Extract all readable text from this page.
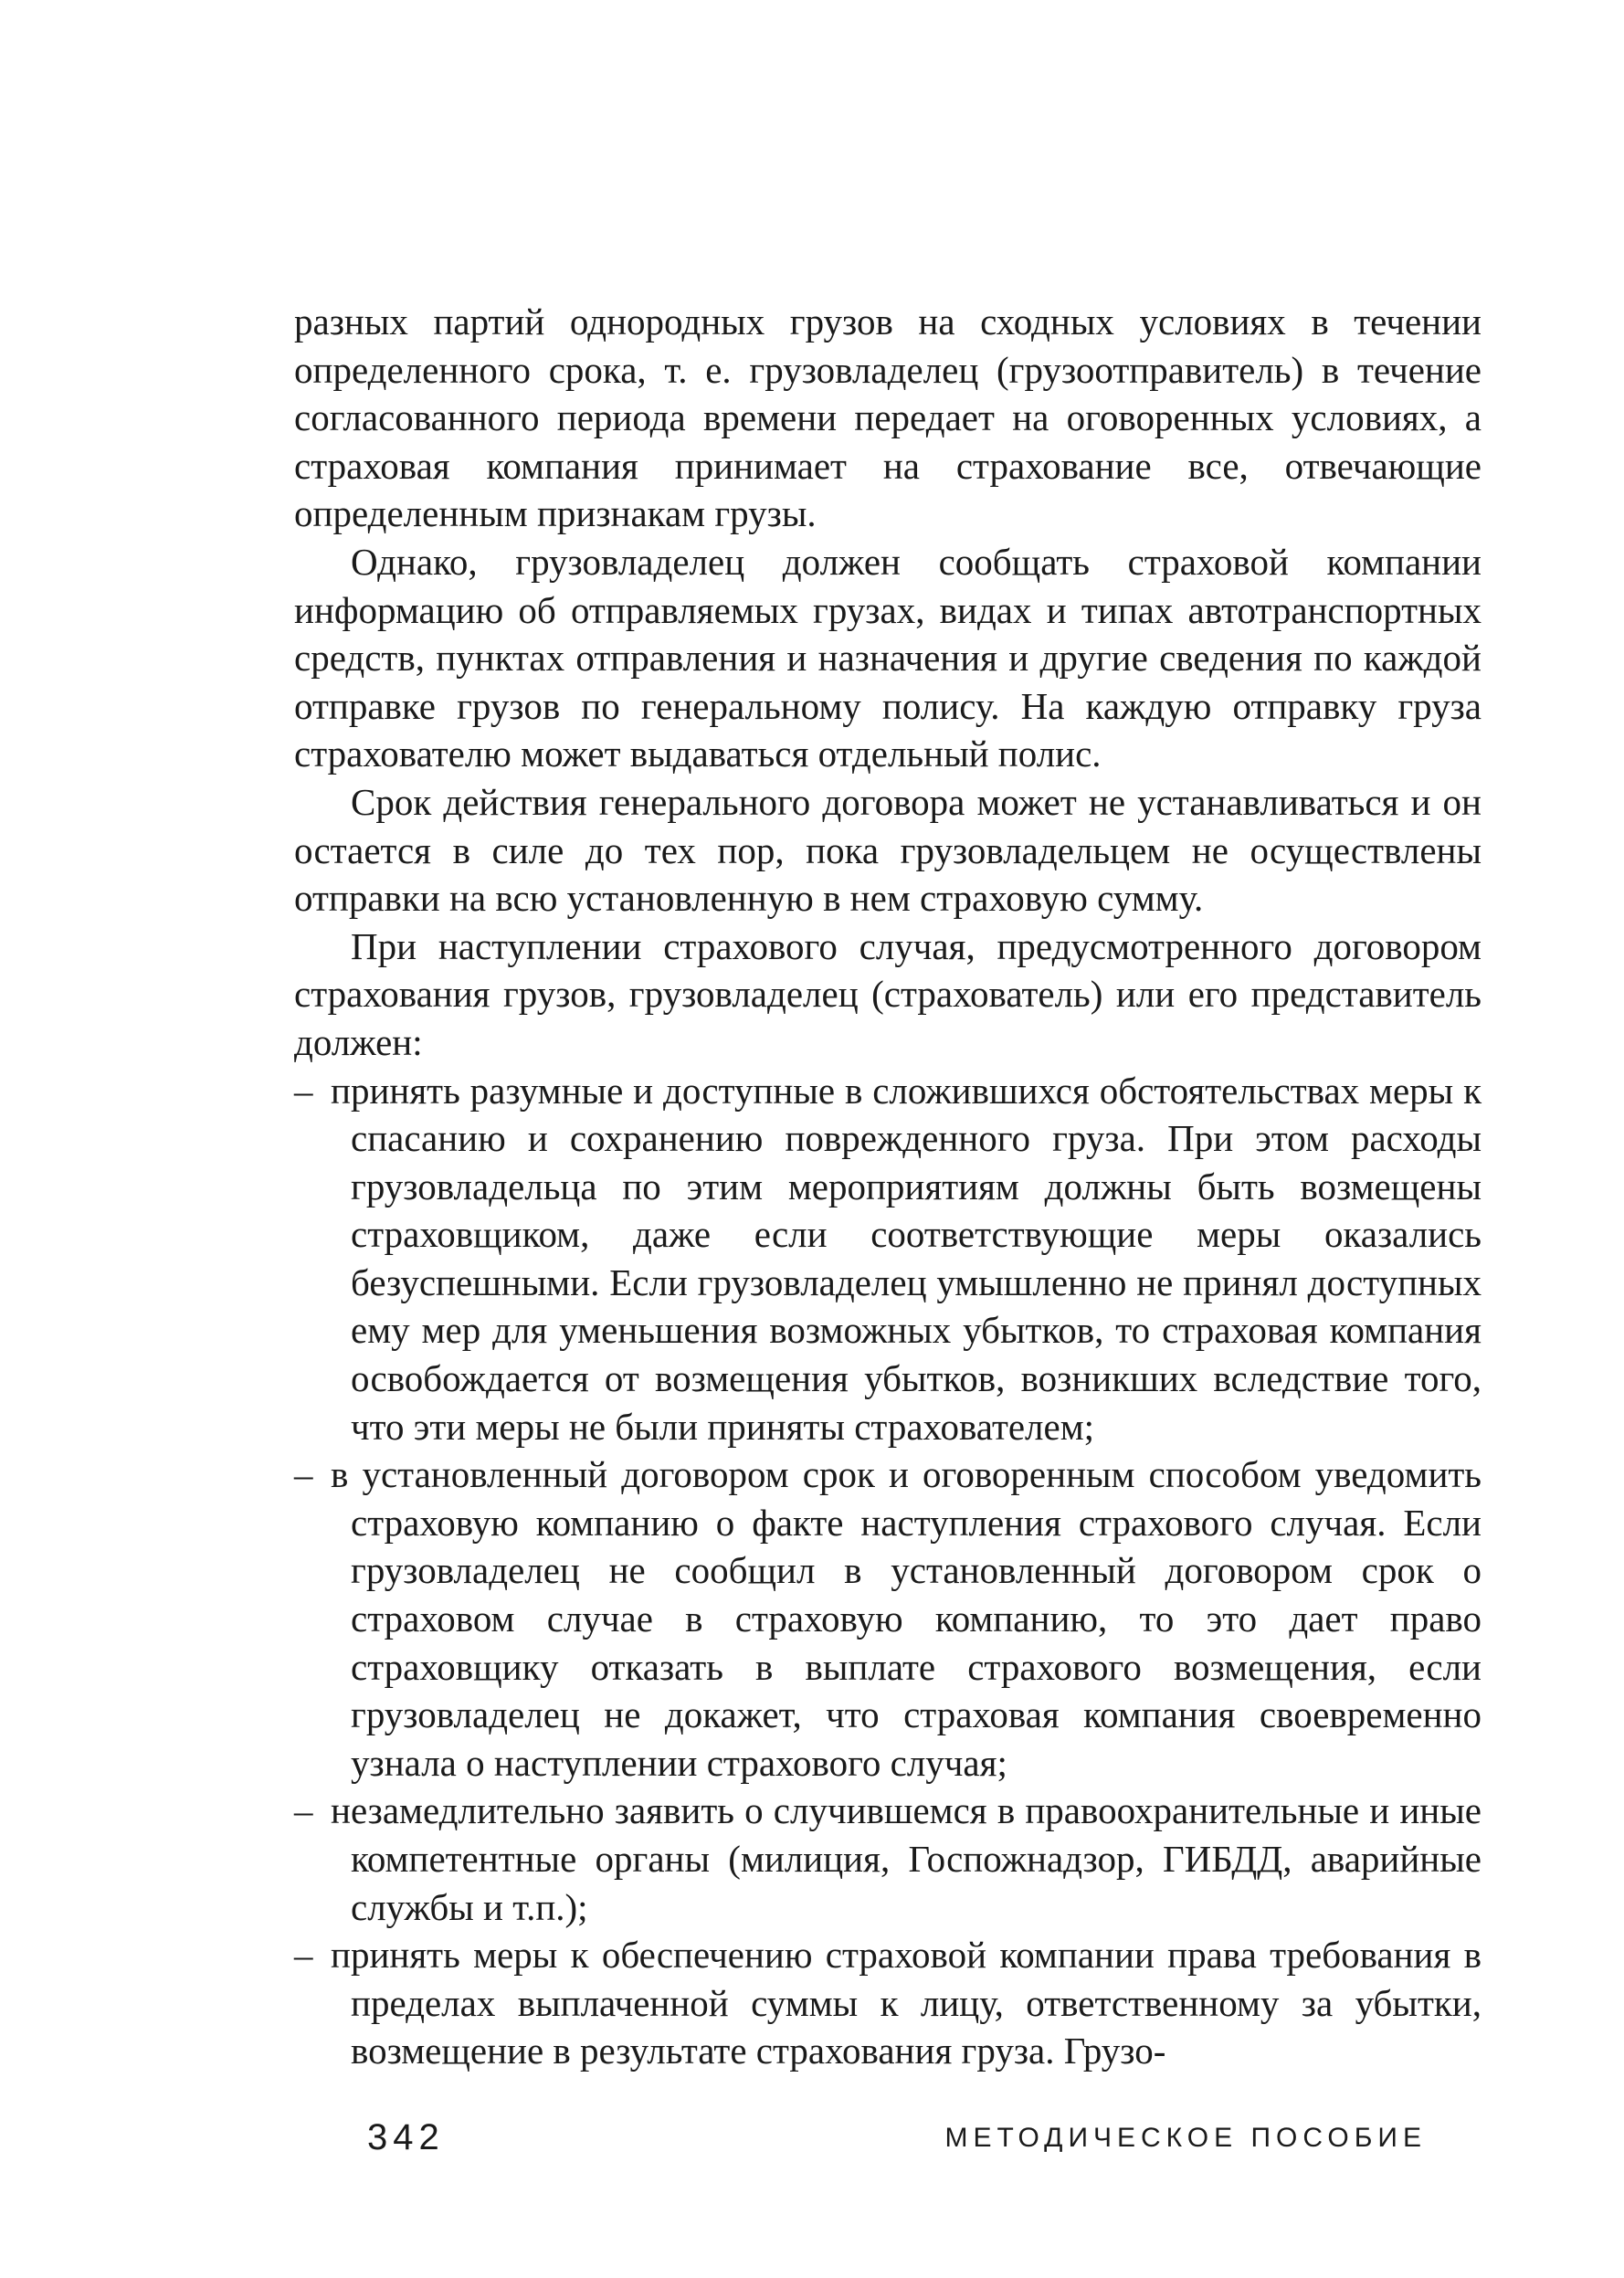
разных партий однородных грузов на сходных условиях в течении определенного срока, т. е. грузовладелец (грузоотправитель) в течение согласованного периода времени передает на оговоренных условиях, а страховая компания принимает на страхование все, отвечающие определенным признакам грузы.

Однако, грузовладелец должен сообщать страховой компании информацию об отправляемых грузах, видах и типах автотранспортных средств, пунктах отправления и назначения и другие сведения по каждой отправке грузов по генеральному полису. На каждую отправку груза страхователю может выдаваться отдельный полис.

Срок действия генерального договора может не устанавливаться и он остается в силе до тех пор, пока грузовладельцем не осуществлены отправки на всю установленную в нем страховую сумму.

При наступлении страхового случая, предусмотренного договором страхования грузов, грузовладелец (страхователь) или его представитель должен:

– принять разумные и доступные в сложившихся обстоятельствах меры к спасанию и сохранению поврежденного груза. При этом расходы грузовладельца по этим мероприятиям должны быть возмещены страховщиком, даже если соответствующие меры оказались безуспешными. Если грузовладелец умышленно не принял доступных ему мер для уменьшения возможных убытков, то страховая компания освобождается от возмещения убытков, возникших вследствие того, что эти меры не были приняты страхователем;
– в установленный договором срок и оговоренным способом уведомить страховую компанию о факте наступления страхового случая. Если грузовладелец не сообщил в установленный договором срок о страховом случае в страховую компанию, то это дает право страховщику отказать в выплате страхового возмещения, если грузовладелец не докажет, что страховая компания своевременно узнала о наступлении страхового случая;
– незамедлительно заявить о случившемся в правоохранительные и иные компетентные органы (милиция, Госпожнадзор, ГИБДД, аварийные службы и т.п.);
– принять меры к обеспечению страховой компании права требования в пределах выплаченной суммы к лицу, ответственному за убытки, возмещение в результате страхования груза. Грузо-
342	МЕТОДИЧЕСКОЕ ПОСОБИЕ
